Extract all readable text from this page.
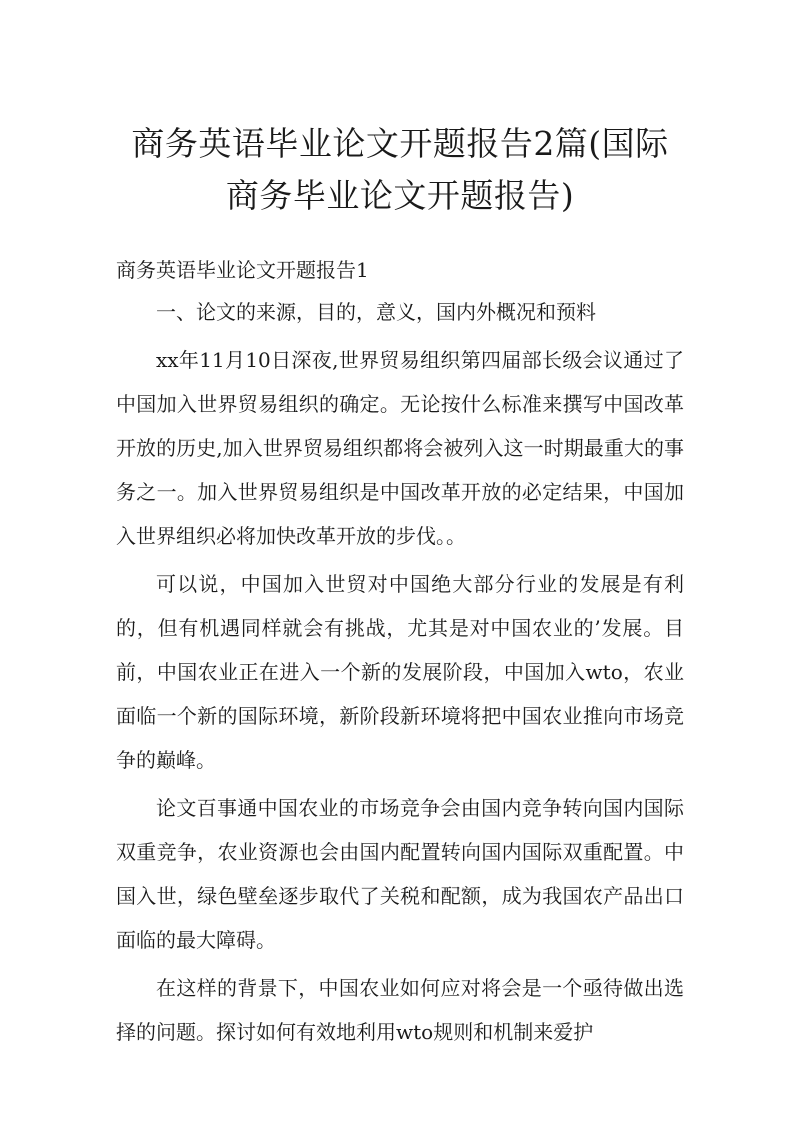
商务英语毕业论文开题报告2篇(国际商务毕业论文开题报告)
商务英语毕业论文开题报告1

一、论文的来源，目的，意义，国内外概况和预料

xx年11月10日深夜,世界贸易组织第四届部长级会议通过了中国加入世界贸易组织的确定。无论按什么标准来撰写中国改革开放的历史,加入世界贸易组织都将会被列入这一时期最重大的事务之一。加入世界贸易组织是中国改革开放的必定结果，中国加入世界组织必将加快改革开放的步伐。。

可以说，中国加入世贸对中国绝大部分行业的发展是有利的，但有机遇同样就会有挑战，尤其是对中国农业的’发展。目前，中国农业正在进入一个新的发展阶段，中国加入wto，农业面临一个新的国际环境，新阶段新环境将把中国农业推向市场竞争的巅峰。

论文百事通中国农业的市场竞争会由国内竞争转向国内国际双重竞争，农业资源也会由国内配置转向国内国际双重配置。中国入世，绿色壁垒逐步取代了关税和配额，成为我国农产品出口面临的最大障碍。

在这样的背景下，中国农业如何应对将会是一个亟待做出选择的问题。探讨如何有效地利用wto规则和机制来爱护
